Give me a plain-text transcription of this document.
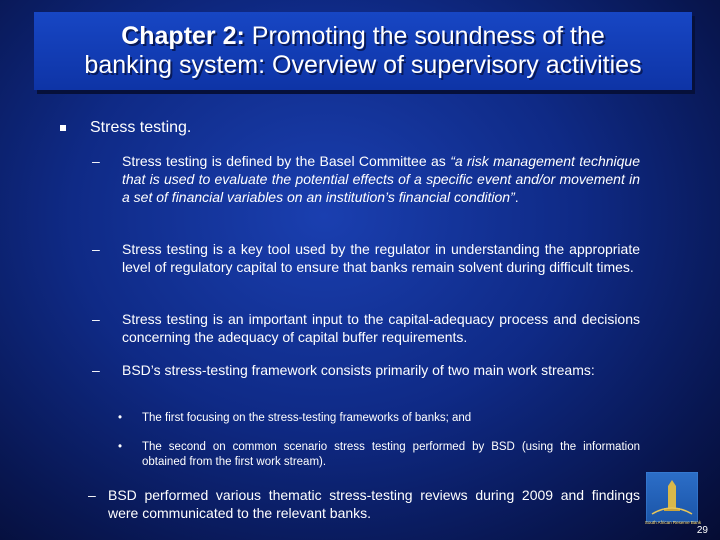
Chapter 2: Promoting the soundness of the
banking system: Overview of supervisory activities
Stress testing.
–	Stress testing is defined by the Basel Committee as “a risk management technique that is used to evaluate the potential effects of a specific event and/or movement in a set of financial variables on an institution’s financial condition”.
–	Stress testing is a key tool used by the regulator in understanding the appropriate level of regulatory capital to ensure that banks remain solvent during difficult times.
–	Stress testing is an important input to the capital-adequacy process and decisions concerning the adequacy of capital buffer requirements.
–	BSD’s stress-testing framework consists primarily of two main work streams:
•	The first focusing on the stress-testing frameworks of banks; and
•	The second on common scenario stress testing performed by BSD (using the information obtained from the first work stream).
– BSD performed various thematic stress-testing reviews during 2009 and findings were communicated to the relevant banks.
South African Reserve Bank
29
